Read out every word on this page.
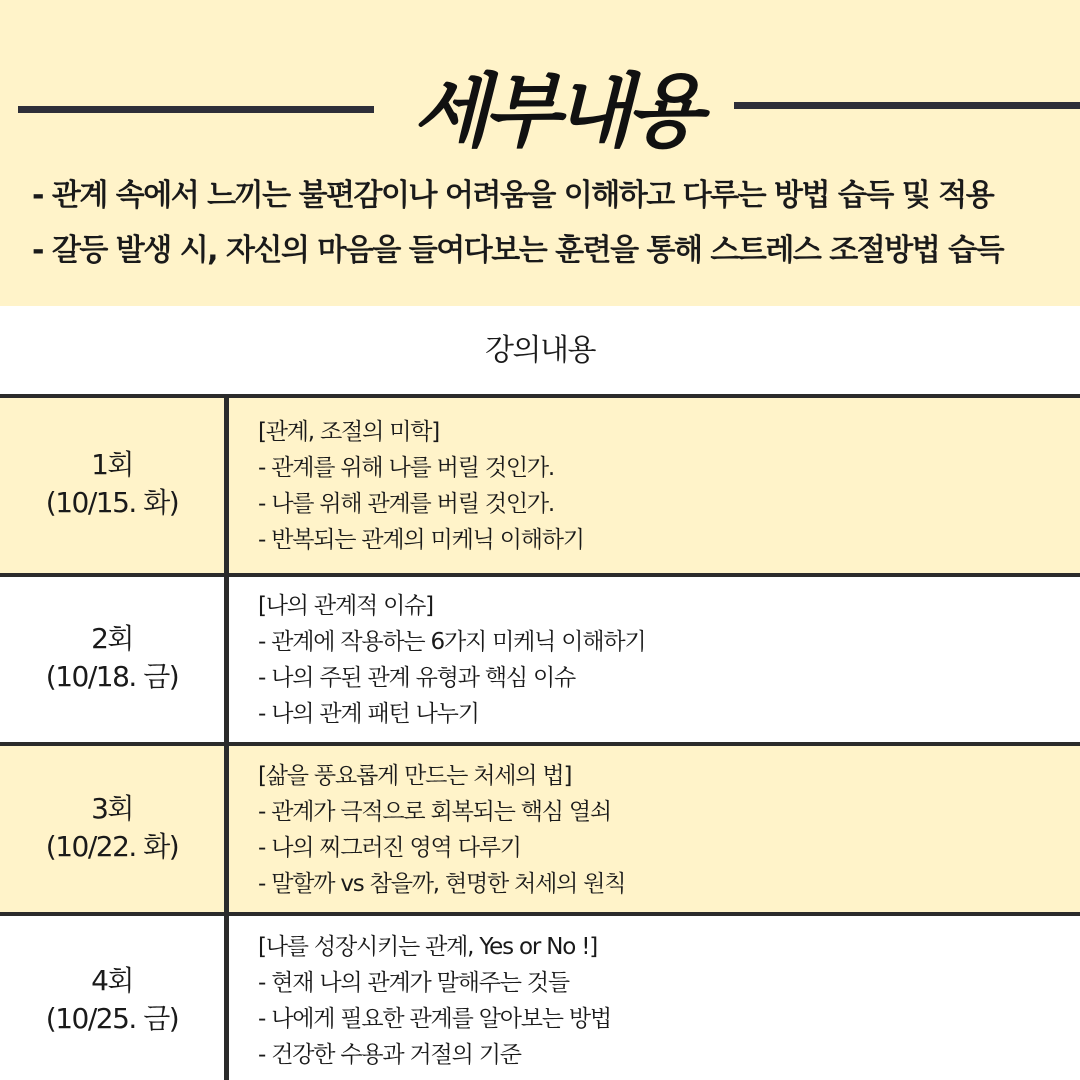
세부내용
- 관계 속에서 느끼는 불편감이나 어려움을 이해하고 다루는 방법 습득 및 적용
- 갈등 발생 시, 자신의 마음을 들여다보는 훈련을 통해 스트레스 조절방법 습득
강의내용
1회
(10/15. 화)
[관계, 조절의 미학]
- 관계를 위해 나를 버릴 것인가.
- 나를 위해 관계를 버릴 것인가.
- 반복되는 관계의 미케닉 이해하기
2회
(10/18. 금)
[나의 관계적 이슈]
- 관계에 작용하는 6가지 미케닉 이해하기
- 나의 주된 관계 유형과 핵심 이슈
- 나의 관계 패턴 나누기
3회
(10/22. 화)
[삶을 풍요롭게 만드는 처세의 법]
- 관계가 극적으로 회복되는 핵심 열쇠
- 나의 찌그러진 영역 다루기
- 말할까 vs 참을까, 현명한 처세의 원칙
4회
(10/25. 금)
[나를 성장시키는 관계, Yes or No !]
- 현재 나의 관계가 말해주는 것들
- 나에게 필요한 관계를 알아보는 방법
- 건강한 수용과 거절의 기준
